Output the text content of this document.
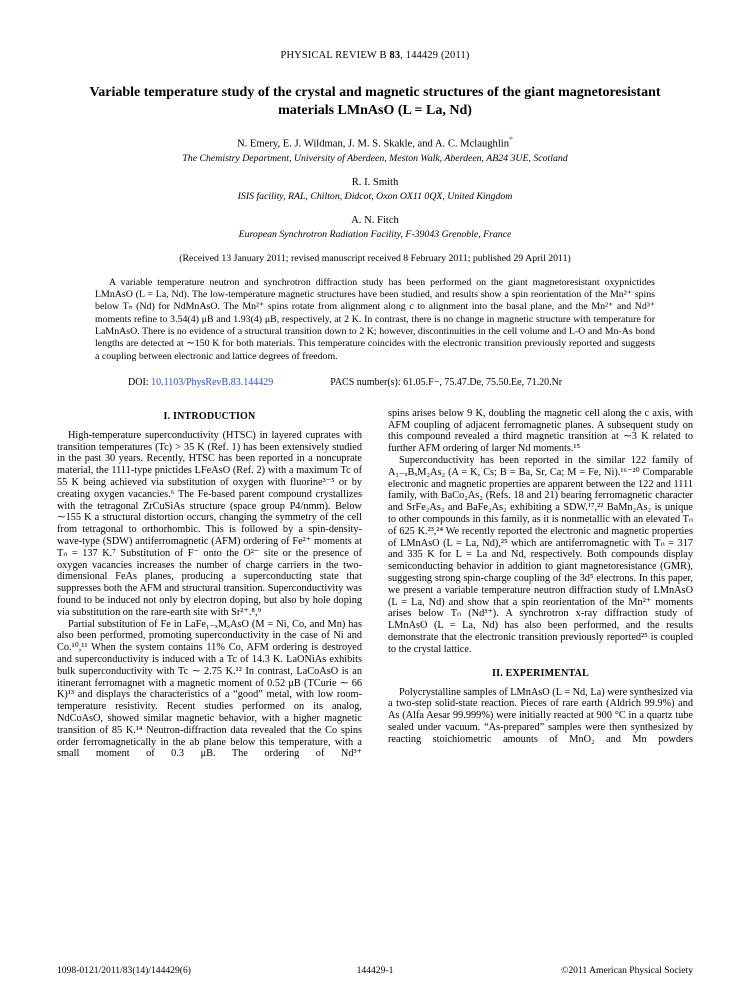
PHYSICAL REVIEW B 83, 144429 (2011)
Variable temperature study of the crystal and magnetic structures of the giant magnetoresistant materials LMnAsO (L = La, Nd)
N. Emery, E. J. Wildman, J. M. S. Skakle, and A. C. Mclaughlin*
The Chemistry Department, University of Aberdeen, Meston Walk, Aberdeen, AB24 3UE, Scotland
R. I. Smith
ISIS facility, RAL, Chilton, Didcot, Oxon OX11 0QX, United Kingdom
A. N. Fitch
European Synchrotron Radiation Facility, F-39043 Grenoble, France
(Received 13 January 2011; revised manuscript received 8 February 2011; published 29 April 2011)

A variable temperature neutron and synchrotron diffraction study has been performed on the giant magnetoresistant oxypnictides LMnAsO (L = La, Nd). The low-temperature magnetic structures have been studied, and results show a spin reorientation of the Mn²⁺ spins below Tₙ (Nd) for NdMnAsO. The Mn²⁺ spins rotate from alignment along c to alignment into the basal plane, and the Mn²⁺ and Nd³⁺ moments refine to 3.54(4) μB and 1.93(4) μB, respectively, at 2 K. In contrast, there is no change in magnetic structure with temperature for LaMnAsO. There is no evidence of a structural transition down to 2 K; however, discontinuities in the cell volume and L-O and Mn-As bond lengths are detected at ∼150 K for both materials. This temperature coincides with the electronic transition previously reported and suggests a coupling between electronic and lattice degrees of freedom.

DOI: 10.1103/PhysRevB.83.144429	PACS number(s): 61.05.F−, 75.47.De, 75.50.Ee, 71.20.Nr
I. INTRODUCTION

High-temperature superconductivity (HTSC) in layered cuprates with transition temperatures (Tc) > 35 K (Ref. 1) has been extensively studied in the past 30 years. Recently, HTSC has been reported in a noncuprate material, the 1111-type pnictides LFeAsO (Ref. 2) with a maximum Tc of 55 K being achieved via substitution of oxygen with fluorine³⁻⁵ or by creating oxygen vacancies.⁶ The Fe-based parent compound crystallizes with the tetragonal ZrCuSiAs structure (space group P4/nmm). Below ∼155 K a structural distortion occurs, changing the symmetry of the cell from tetragonal to orthorhombic. This is followed by a spin-density-wave-type (SDW) antiferromagnetic (AFM) ordering of Fe²⁺ moments at Tₙ = 137 K.⁷ Substitution of F⁻ onto the O²⁻ site or the presence of oxygen vacancies increases the number of charge carriers in the two-dimensional FeAs planes, producing a superconducting state that suppresses both the AFM and structural transition. Superconductivity was found to be induced not only by electron doping, but also by hole doping via substitution on the rare-earth site with Sr²⁺.⁸,⁹

Partial substitution of Fe in LaFe₁₋ₓMₓAsO (M = Ni, Co, and Mn) has also been performed, promoting superconductivity in the case of Ni and Co.¹⁰,¹¹ When the system contains 11% Co, AFM ordering is destroyed and superconductivity is induced with a Tc of 14.3 K. LaONiAs exhibits bulk superconductivity with Tc ∼ 2.75 K.¹² In contrast, LaCoAsO is an itinerant ferromagnet with a magnetic moment of 0.52 μB (TCurie ∼ 66 K)¹³ and displays the characteristics of a “good” metal, with low room-temperature resistivity. Recent studies performed on its analog, NdCoAsO, showed similar magnetic behavior, with a higher magnetic transition of 85 K.¹⁴ Neutron-diffraction data revealed that the Co spins order ferromagnetically in the ab plane below this temperature, with a small moment of 0.3 μB. The ordering of Nd³⁺

spins arises below 9 K, doubling the magnetic cell along the c axis, with AFM coupling of adjacent ferromagnetic planes. A subsequent study on this compound revealed a third magnetic transition at ∼3 K related to further AFM ordering of larger Nd moments.¹⁵

Superconductivity has been reported in the similar 122 family of A₁₋ₓBₓM₂As₂ (A = K, Cs; B = Ba, Sr, Ca; M = Fe, Ni).¹⁶⁻²⁰ Comparable electronic and magnetic properties are apparent between the 122 and 1111 family, with BaCo₂As₂ (Refs. 18 and 21) bearing ferromagnetic character and SrFe₂As₂ and BaFe₂As₂ exhibiting a SDW.¹⁷,²² BaMn₂As₂ is unique to other compounds in this family, as it is nonmetallic with an elevated Tₙ of 625 K.²³,²⁴ We recently reported the electronic and magnetic properties of LMnAsO (L = La, Nd),²⁵ which are antiferromagnetic with Tₙ = 317 and 335 K for L = La and Nd, respectively. Both compounds display semiconducting behavior in addition to giant magnetoresistance (GMR), suggesting strong spin-charge coupling of the 3d⁵ electrons. In this paper, we present a variable temperature neutron diffraction study of LMnAsO (L = La, Nd) and show that a spin reorientation of the Mn²⁺ moments arises below Tₙ (Nd³⁺). A synchrotron x-ray diffraction study of LMnAsO (L = La, Nd) has also been performed, and the results demonstrate that the electronic transition previously reported²⁵ is coupled to the crystal lattice.

II. EXPERIMENTAL

Polycrystalline samples of LMnAsO (L = Nd, La) were synthesized via a two-step solid-state reaction. Pieces of rare earth (Aldrich 99.9%) and As (Alfa Aesar 99.999%) were initially reacted at 900 °C in a quartz tube sealed under vacuum. “As-prepared” samples were then synthesized by reacting stoichiometric amounts of MnO₂ and Mn powders

1098-0121/2011/83(14)/144429(6)	144429-1	©2011 American Physical Society
